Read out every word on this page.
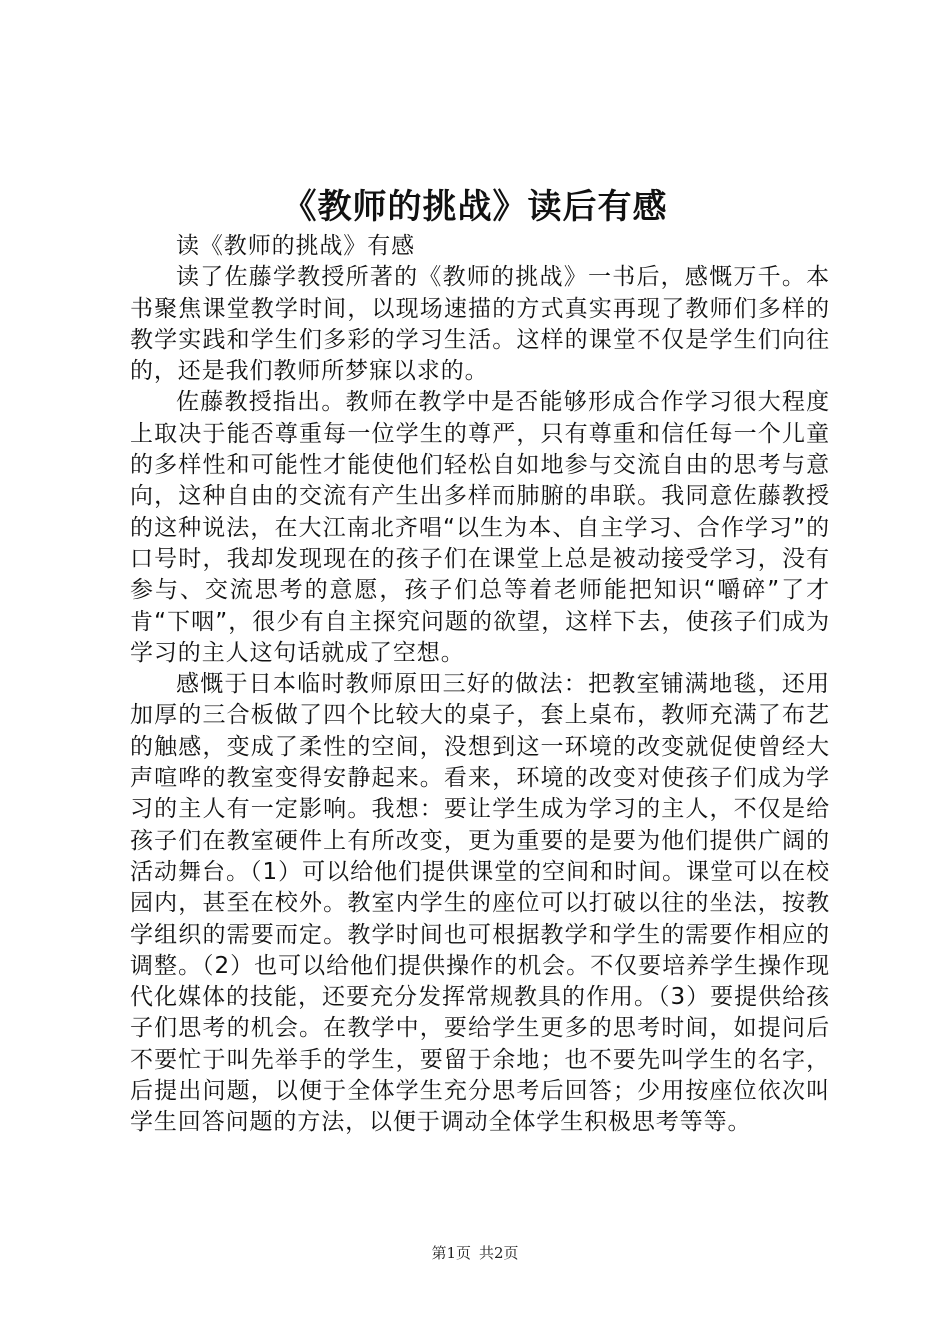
《教师的挑战》读后有感

读《教师的挑战》有感

读了佐藤学教授所著的《教师的挑战》一书后，感慨万千。本书聚焦课堂教学时间，以现场速描的方式真实再现了教师们多样的教学实践和学生们多彩的学习生活。这样的课堂不仅是学生们向往的，还是我们教师所梦寐以求的。

佐藤教授指出。教师在教学中是否能够形成合作学习很大程度上取决于能否尊重每一位学生的尊严，只有尊重和信任每一个儿童的多样性和可能性才能使他们轻松自如地参与交流自由的思考与意向，这种自由的交流有产生出多样而肺腑的串联。我同意佐藤教授的这种说法，在大江南北齐唱“以生为本、自主学习、合作学习”的口号时，我却发现现在的孩子们在课堂上总是被动接受学习，没有参与、交流思考的意愿，孩子们总等着老师能把知识“嚼碎”了才肯“下咽”，很少有自主探究问题的欲望，这样下去，使孩子们成为学习的主人这句话就成了空想。

感慨于日本临时教师原田三好的做法：把教室铺满地毯，还用加厚的三合板做了四个比较大的桌子，套上桌布，教师充满了布艺的触感，变成了柔性的空间，没想到这一环境的改变就促使曾经大声喧哗的教室变得安静起来。看来，环境的改变对使孩子们成为学习的主人有一定影响。我想：要让学生成为学习的主人，不仅是给孩子们在教室硬件上有所改变，更为重要的是要为他们提供广阔的活动舞台。（1）可以给他们提供课堂的空间和时间。课堂可以在校园内，甚至在校外。教室内学生的座位可以打破以往的坐法，按教学组织的需要而定。教学时间也可根据教学和学生的需要作相应的调整。（2）也可以给他们提供操作的机会。不仅要培养学生操作现代化媒体的技能，还要充分发挥常规教具的作用。（3）要提供给孩子们思考的机会。在教学中，要给学生更多的思考时间，如提问后不要忙于叫先举手的学生，要留于余地；也不要先叫学生的名字，后提出问题，以便于全体学生充分思考后回答；少用按座位依次叫学生回答问题的方法，以便于调动全体学生积极思考等等。

第1页 共2页
